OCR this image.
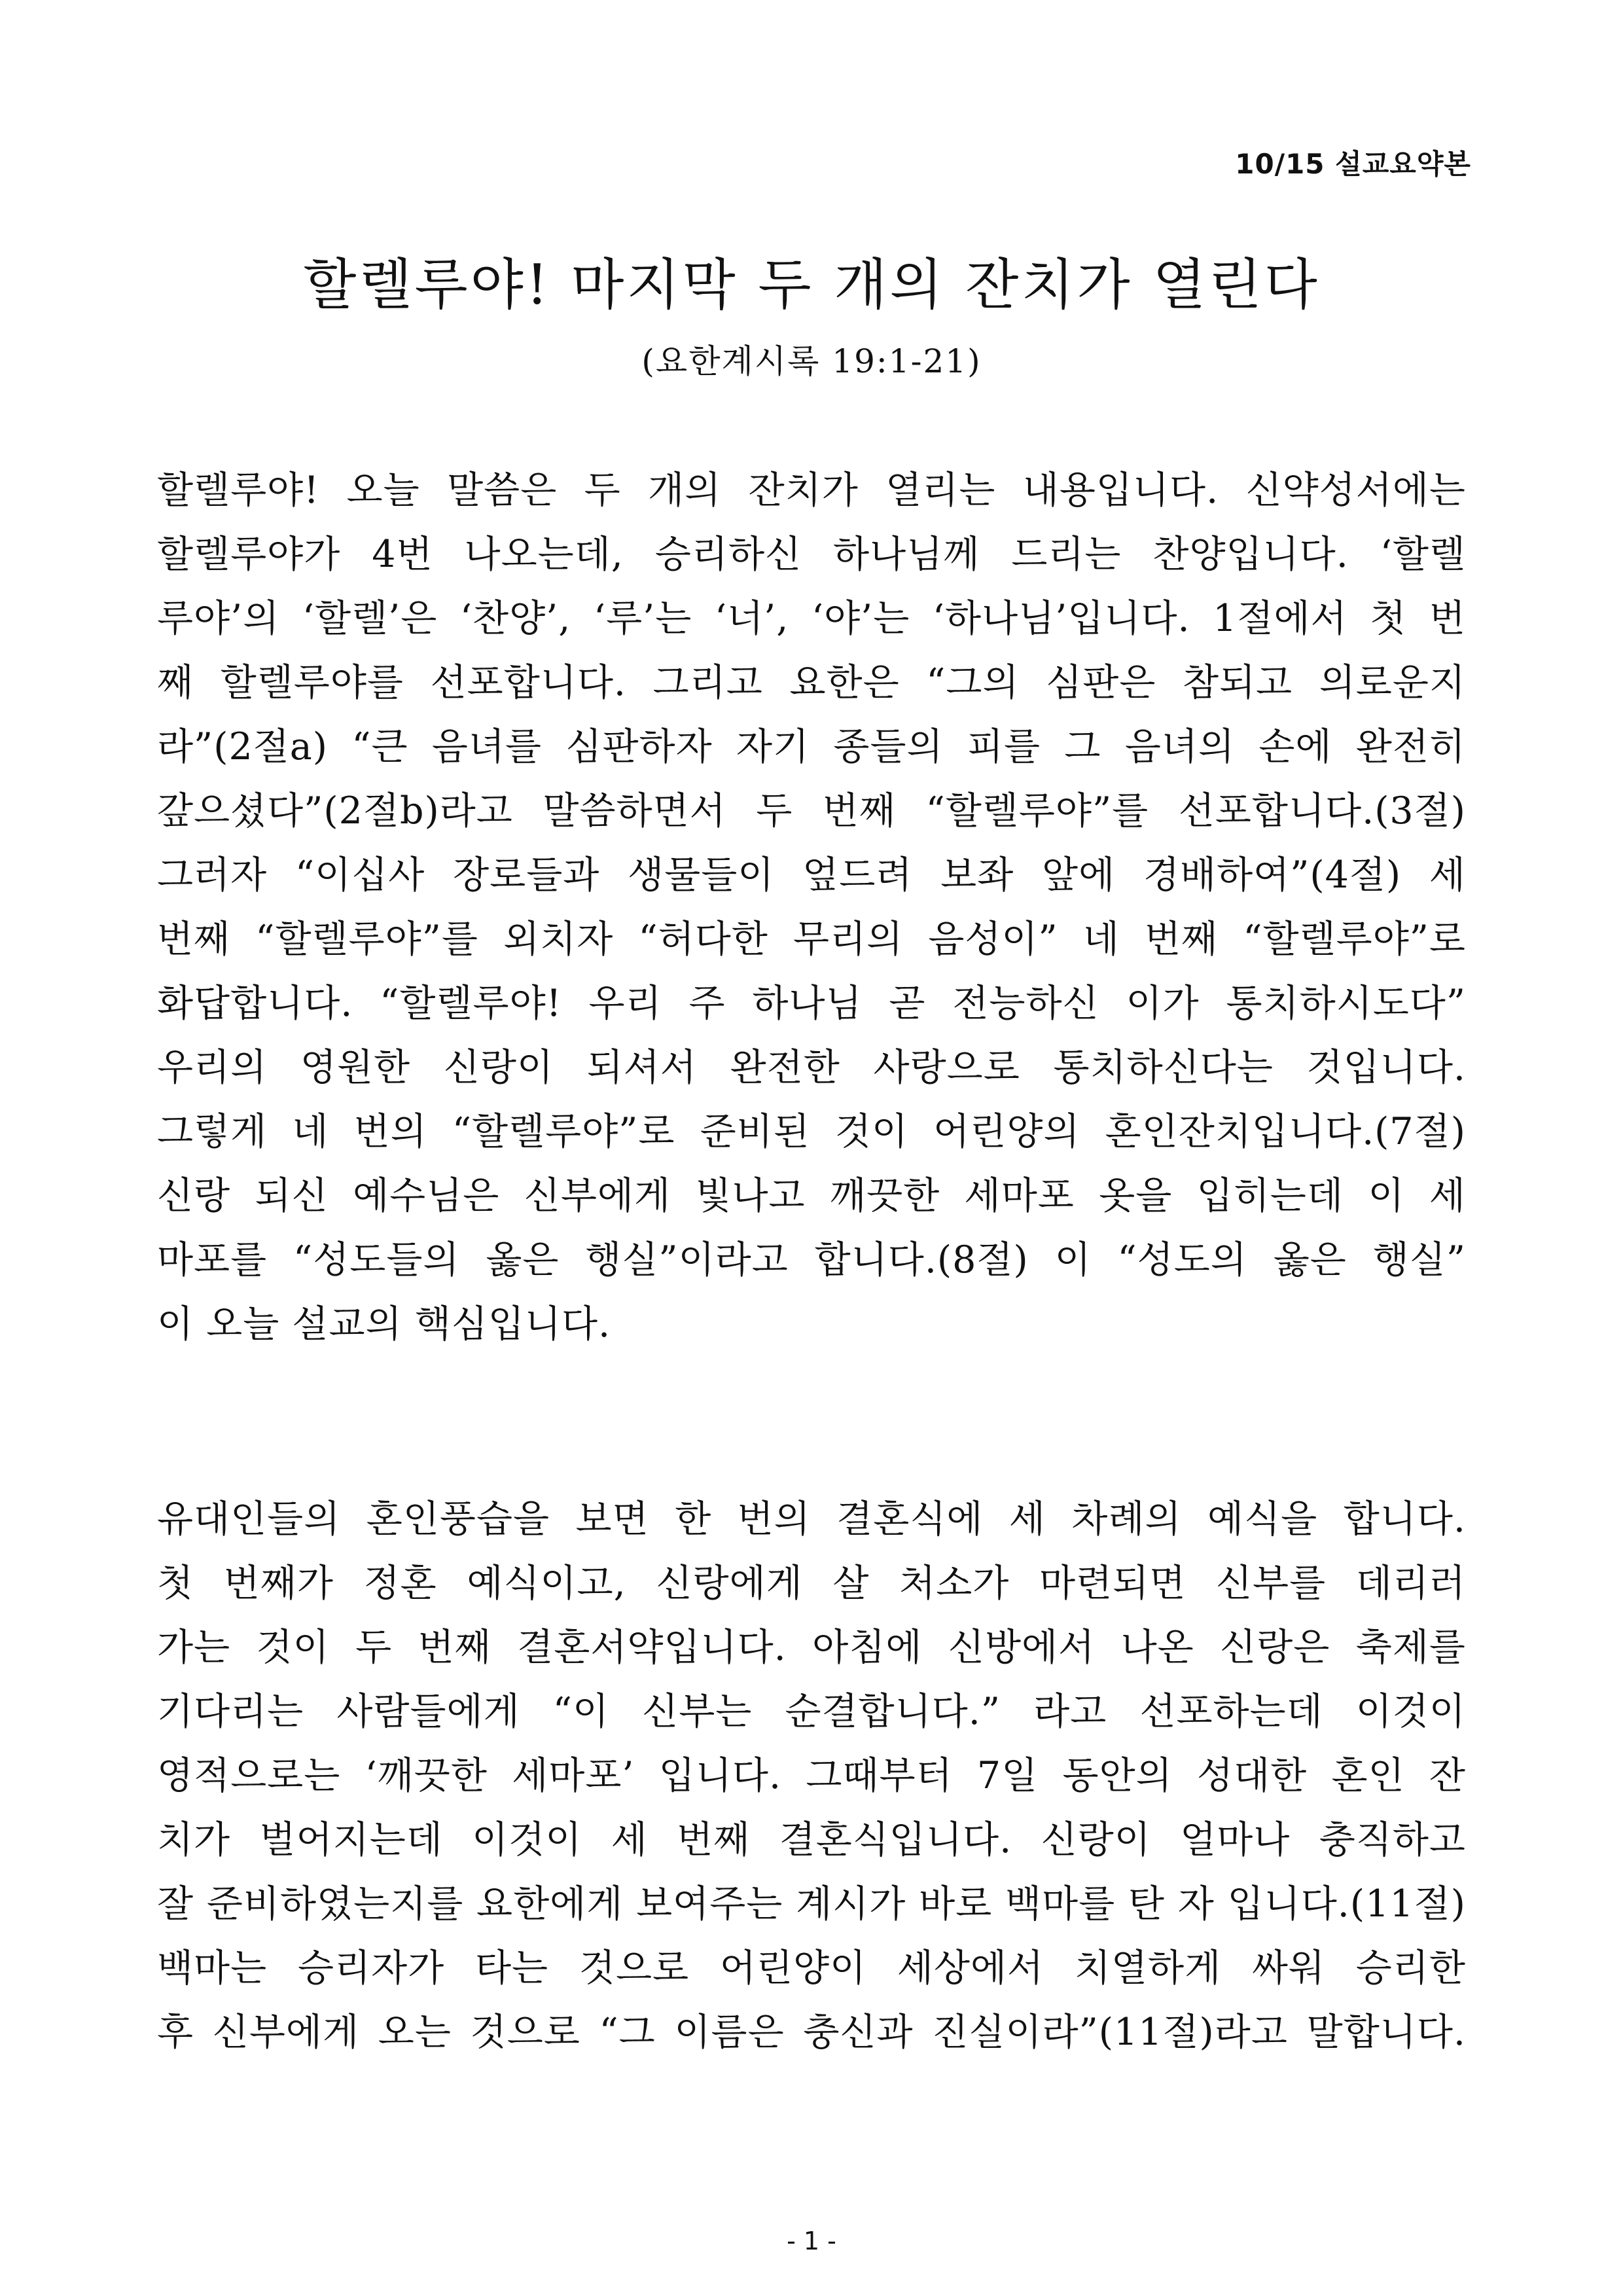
10/15 설교요약본
할렐루야! 마지막 두 개의 잔치가 열린다
(요한계시록 19:1-21)
할렐루야! 오늘 말씀은 두 개의 잔치가 열리는 내용입니다. 신약성서에는
할렐루야가 4번 나오는데, 승리하신 하나님께 드리는 찬양입니다. ‘할렐
루야’의 ‘할렐’은 ‘찬양’, ‘루’는 ‘너’, ‘야’는 ‘하나님’입니다. 1절에서 첫 번
째 할렐루야를 선포합니다. 그리고 요한은 “그의 심판은 참되고 의로운지
라”(2절a) “큰 음녀를 심판하자 자기 종들의 피를 그 음녀의 손에 완전히
갚으셨다”(2절b)라고 말씀하면서 두 번째 “할렐루야”를 선포합니다.(3절)
그러자 “이십사 장로들과 생물들이 엎드려 보좌 앞에 경배하여”(4절) 세
번째 “할렐루야”를 외치자 “허다한 무리의 음성이” 네 번째 “할렐루야”로
화답합니다. “할렐루야! 우리 주 하나님 곧 전능하신 이가 통치하시도다”
우리의 영원한 신랑이 되셔서 완전한 사랑으로 통치하신다는 것입니다.
그렇게 네 번의 “할렐루야”로 준비된 것이 어린양의 혼인잔치입니다.(7절)
신랑 되신 예수님은 신부에게 빛나고 깨끗한 세마포 옷을 입히는데 이 세
마포를 “성도들의 옳은 행실”이라고 합니다.(8절) 이 “성도의 옳은 행실”
이 오늘 설교의 핵심입니다.
유대인들의 혼인풍습을 보면 한 번의 결혼식에 세 차례의 예식을 합니다.
첫 번째가 정혼 예식이고, 신랑에게 살 처소가 마련되면 신부를 데리러
가는 것이 두 번째 결혼서약입니다. 아침에 신방에서 나온 신랑은 축제를
기다리는 사람들에게 “이 신부는 순결합니다.” 라고 선포하는데 이것이
영적으로는 ‘깨끗한 세마포’ 입니다. 그때부터 7일 동안의 성대한 혼인 잔
치가 벌어지는데 이것이 세 번째 결혼식입니다. 신랑이 얼마나 충직하고
잘 준비하였는지를 요한에게 보여주는 계시가 바로 백마를 탄 자 입니다.(11절)
백마는 승리자가 타는 것으로 어린양이 세상에서 치열하게 싸워 승리한
후 신부에게 오는 것으로 “그 이름은 충신과 진실이라”(11절)라고 말합니다.
- 1 -
